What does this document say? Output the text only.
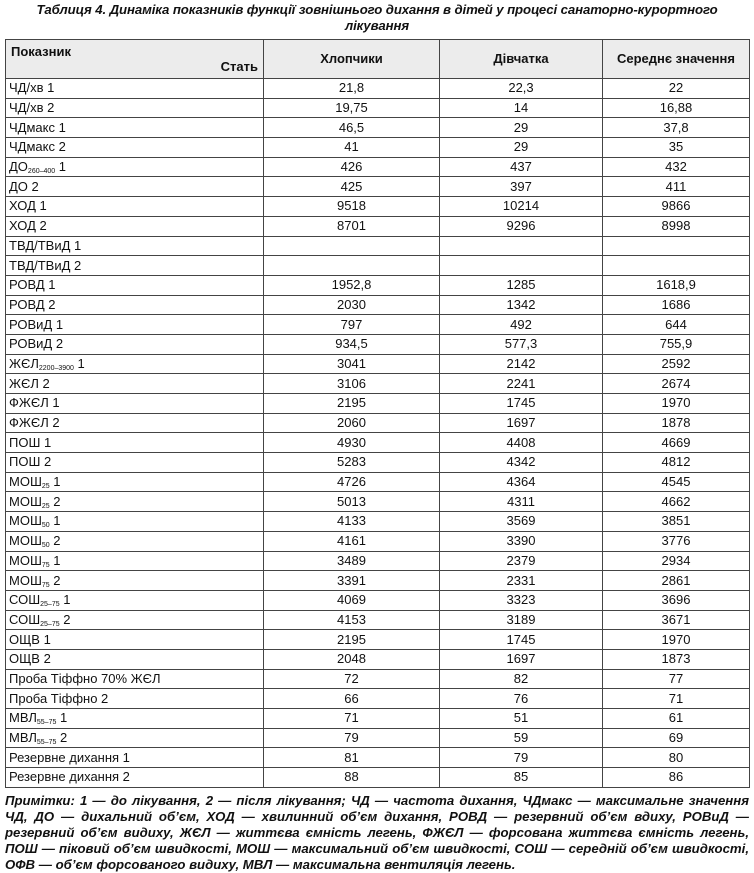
Таблиця 4. Динаміка показників функції зовнішнього дихання в дітей у процесі санаторно-курортного
лікування
Показник
Стать	Хлопчики	Дівчатка	Середнє значення
ЧД/хв 1	21,8	22,3	22
ЧД/хв 2	19,75	14	16,88
ЧДмакс 1	46,5	29	37,8
ЧДмакс 2	41	29	35
$ДО_{260-400}$ 1	426	437	432
ДО 2	425	397	411
ХОД 1	9518	10214	9866
ХОД 2	8701	9296	8998
ТВД/ТВиД 1			
ТВД/ТВиД 2			
РОВД 1	1952,8	1285	1618,9
РОВД 2	2030	1342	1686
РОВиД 1	797	492	644
РОВиД 2	934,5	577,3	755,9
$ЖЄЛ_{2200-3900}$ 1	3041	2142	2592
ЖЄЛ 2	3106	2241	2674
ФЖЄЛ 1	2195	1745	1970
ФЖЄЛ 2	2060	1697	1878
ПОШ 1	4930	4408	4669
ПОШ 2	5283	4342	4812
$МОШ_{25}$ 1	4726	4364	4545
$МОШ_{25}$ 2	5013	4311	4662
$МОШ_{50}$ 1	4133	3569	3851
$МОШ_{50}$ 2	4161	3390	3776
$МОШ_{75}$ 1	3489	2379	2934
$МОШ_{75}$ 2	3391	2331	2861
$СОШ_{25-75}$ 1	4069	3323	3696
$СОШ_{25-75}$ 2	4153	3189	3671
ОЩВ 1	2195	1745	1970
ОЩВ 2	2048	1697	1873
Проба Тіффно 70% ЖЄЛ	72	82	77
Проба Тіффно 2	66	76	71
$МВЛ_{55-75}$ 1	71	51	61
$МВЛ_{55-75}$ 2	79	59	69
Резервне дихання 1	81	79	80
Резервне дихання 2	88	85	86
Примітки: 1 — до лікування, 2 — після лікування; ЧД — частота дихання, ЧДмакс — максимальне значення ЧД, ДО — дихальний об’єм, ХОД — хвилинний об’єм дихання, РОВД — резервний об’єм вдиху, РОВиД — резервний об’єм видиху, ЖЄЛ — життєва ємність легень, ФЖЄЛ — форсована життєва ємність легень, ПОШ — піковий об’єм швидкості, МОШ — максимальний об’єм швидкості, СОШ — середній об’єм швидкості, ОФВ — об’єм форсованого видиху, МВЛ — максимальна вентиляція легень.
